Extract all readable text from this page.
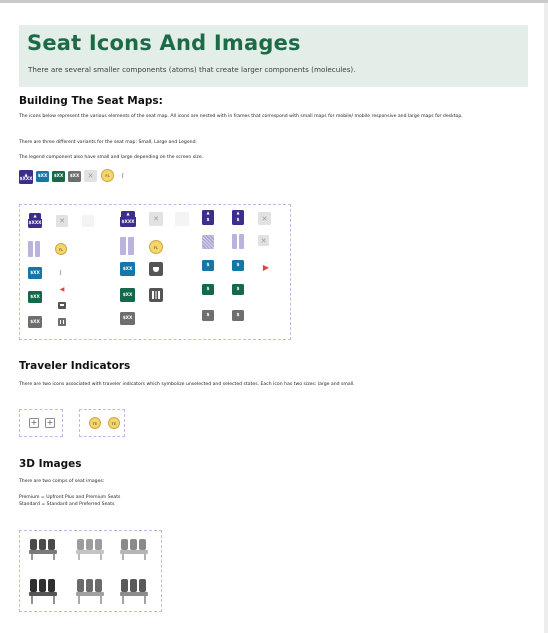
Seat Icons And Images
There are several smaller components (atoms) that create larger components (molecules).
Building The Seat Maps:
The icons below represent the various elements of the seat map. All icons are nested with in frames that correspond with small maps for mobile/ mobile responsive and large maps for desktop.
There are three different variants for the seat map: Small, Large and Legend.
The legend component also have small and large depending on the screen size.
▲
$XXX	$XX	$XX	$XX	✕	FL	|
▲
$XXX	✕
FL
$XX	|
$XX
◀
$XX
▲
$XXX	✕
FL
$XX
$XX
$XX
▲
$
▲
$	✕
✕
$	$	▶
$	$
$	$
Traveler Indicators
There are two icons associated with traveler indicators which symbolize unselected and selected states. Each icon has two sizes: large and small.
+ +	TE	TE
3D Images
There are two comps of seat images:
Premium = Upfront Plus and Premium Seats
Standard = Standard and Preferred Seats
